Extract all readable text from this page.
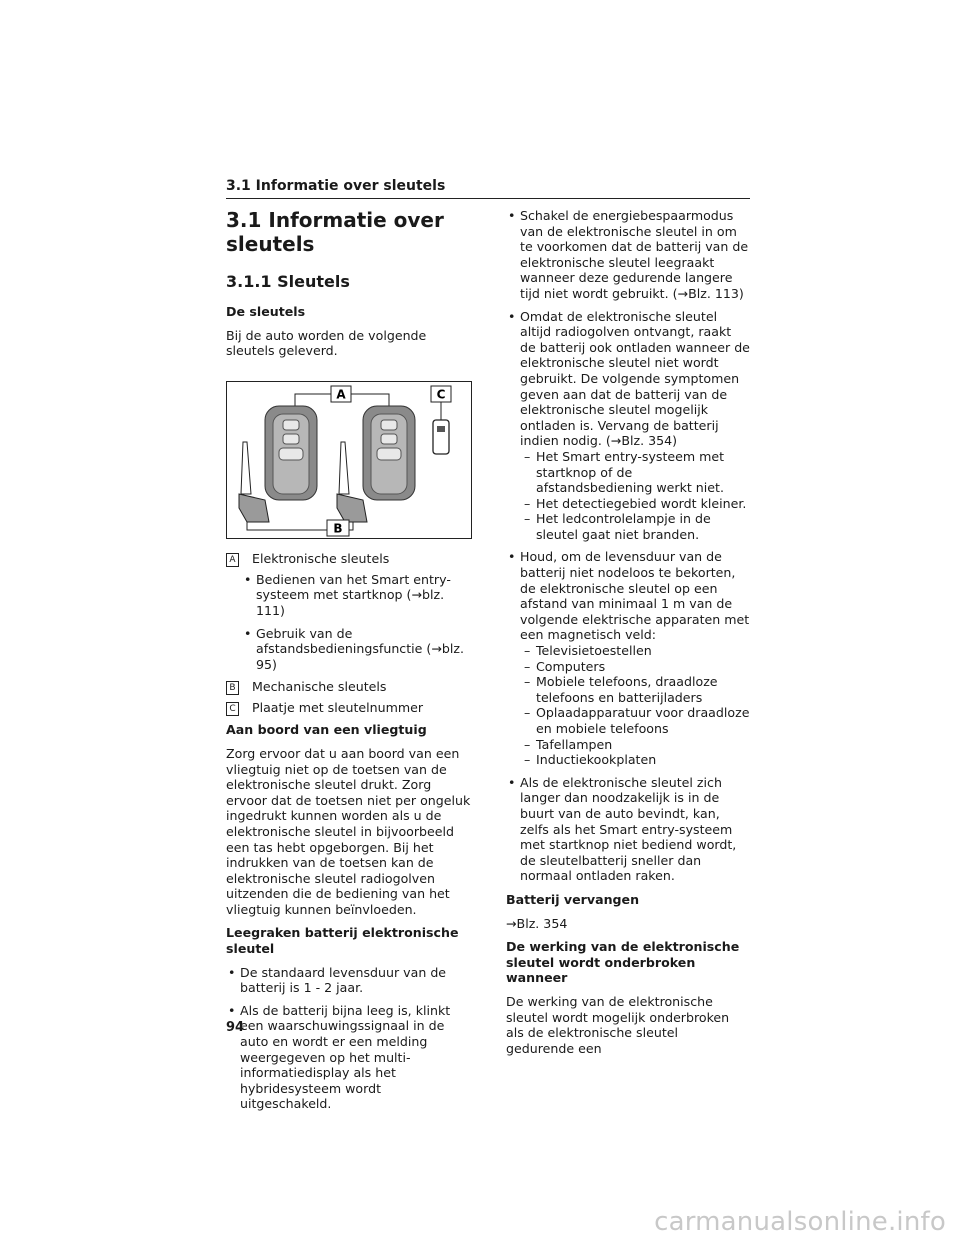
3.1 Informatie over sleutels
3.1 Informatie over sleutels
3.1.1 Sleutels
De sleutels

Bij de auto worden de volgende sleutels geleverd.

A	C
B
A Elektronische sleutels
• Bedienen van het Smart entry-systeem met startknop (→blz. 111)
• Gebruik van de afstandsbedieningsfunctie (→blz. 95)
B Mechanische sleutels
C Plaatje met sleutelnummer
Aan boord van een vliegtuig

Zorg ervoor dat u aan boord van een vliegtuig niet op de toetsen van de elektronische sleutel drukt. Zorg ervoor dat de toetsen niet per ongeluk ingedrukt kunnen worden als u de elektronische sleutel in bijvoorbeeld een tas hebt opgeborgen. Bij het indrukken van de toetsen kan de elektronische sleutel radiogolven uitzenden die de bediening van het vliegtuig kunnen beïnvloeden.

Leegraken batterij elektronische sleutel
• De standaard levensduur van de batterij is 1 - 2 jaar.
• Als de batterij bijna leeg is, klinkt een waarschuwingssignaal in de auto en wordt er een melding weergegeven op het multi-informatiedisplay als het hybridesysteem wordt uitgeschakeld.
• Schakel de energiebespaarmodus van de elektronische sleutel in om te voorkomen dat de batterij van de elektronische sleutel leegraakt wanneer deze gedurende langere tijd niet wordt gebruikt. (→Blz. 113)
• Omdat de elektronische sleutel altijd radiogolven ontvangt, raakt de batterij ook ontladen wanneer de elektronische sleutel niet wordt gebruikt. De volgende symptomen geven aan dat de batterij van de elektronische sleutel mogelijk ontladen is. Vervang de batterij indien nodig. (→Blz. 354)
– Het Smart entry-systeem met startknop of de afstandsbediening werkt niet.
– Het detectiegebied wordt kleiner.
– Het ledcontrolelampje in de sleutel gaat niet branden.
• Houd, om de levensduur van de batterij niet nodeloos te bekorten, de elektronische sleutel op een afstand van minimaal 1 m van de volgende elektrische apparaten met een magnetisch veld:
– Televisietoestellen
– Computers
– Mobiele telefoons, draadloze telefoons en batterijladers
– Oplaadapparatuur voor draadloze en mobiele telefoons
– Tafellampen
– Inductiekookplaten
• Als de elektronische sleutel zich langer dan noodzakelijk is in de buurt van de auto bevindt, kan, zelfs als het Smart entry-systeem met startknop niet bediend wordt, de sleutelbatterij sneller dan normaal ontladen raken.
Batterij vervangen

→Blz. 354

De werking van de elektronische sleutel wordt onderbroken wanneer

De werking van de elektronische sleutel wordt mogelijk onderbroken als de elektronische sleutel gedurende een

94
carmanualsonline.info
